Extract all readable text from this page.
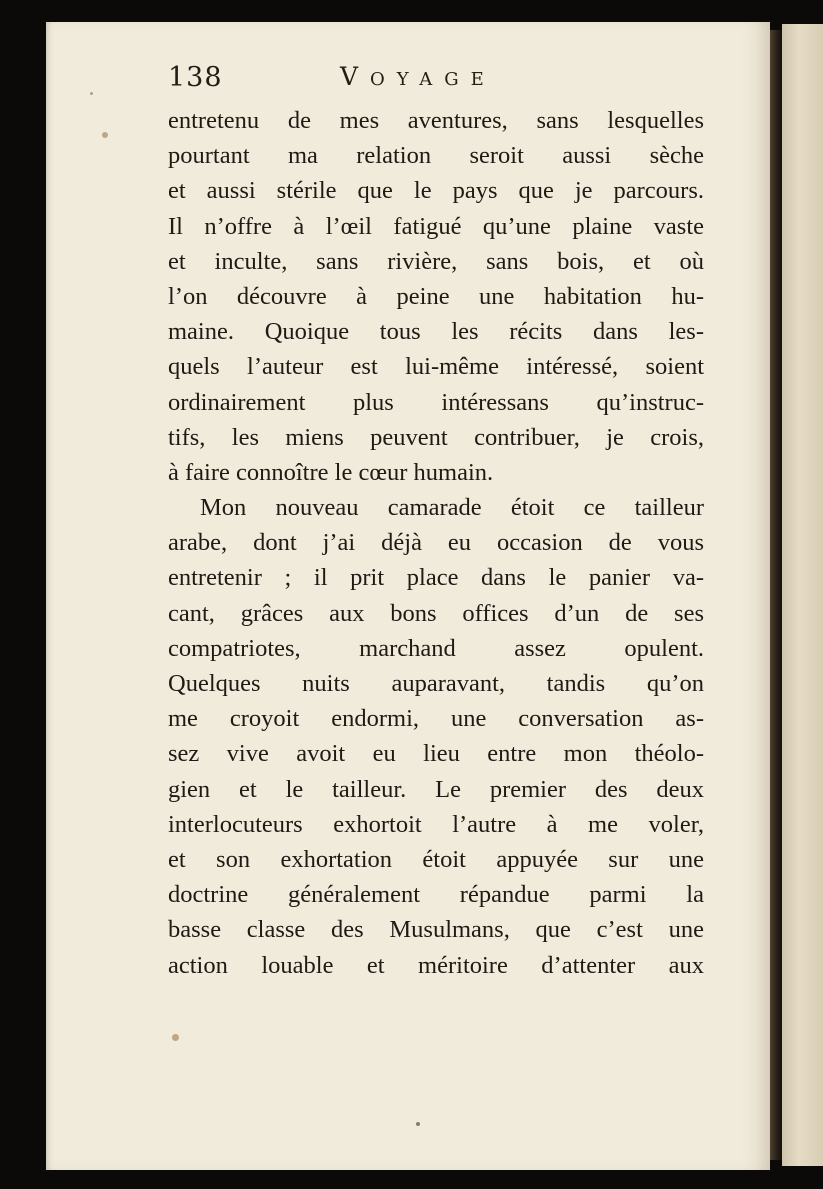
138	Voyage
entretenu de mes aventures, sans lesquelles
pourtant ma relation seroit aussi sèche
et aussi stérile que le pays que je parcours.
Il n’offre à l’œil fatigué qu’une plaine vaste
et inculte, sans rivière, sans bois, et où
l’on découvre à peine une habitation hu-
maine. Quoique tous les récits dans les-
quels l’auteur est lui-même intéressé, soient
ordinairement plus intéressans qu’instruc-
tifs, les miens peuvent contribuer, je crois,
à faire connoître le cœur humain.
Mon nouveau camarade étoit ce tailleur
arabe, dont j’ai déjà eu occasion de vous
entretenir ; il prit place dans le panier va-
cant, grâces aux bons offices d’un de ses
compatriotes, marchand assez opulent.
Quelques nuits auparavant, tandis qu’on
me croyoit endormi, une conversation as-
sez vive avoit eu lieu entre mon théolo-
gien et le tailleur. Le premier des deux
interlocuteurs exhortoit l’autre à me voler,
et son exhortation étoit appuyée sur une
doctrine généralement répandue parmi la
basse classe des Musulmans, que c’est une
action louable et méritoire d’attenter aux
